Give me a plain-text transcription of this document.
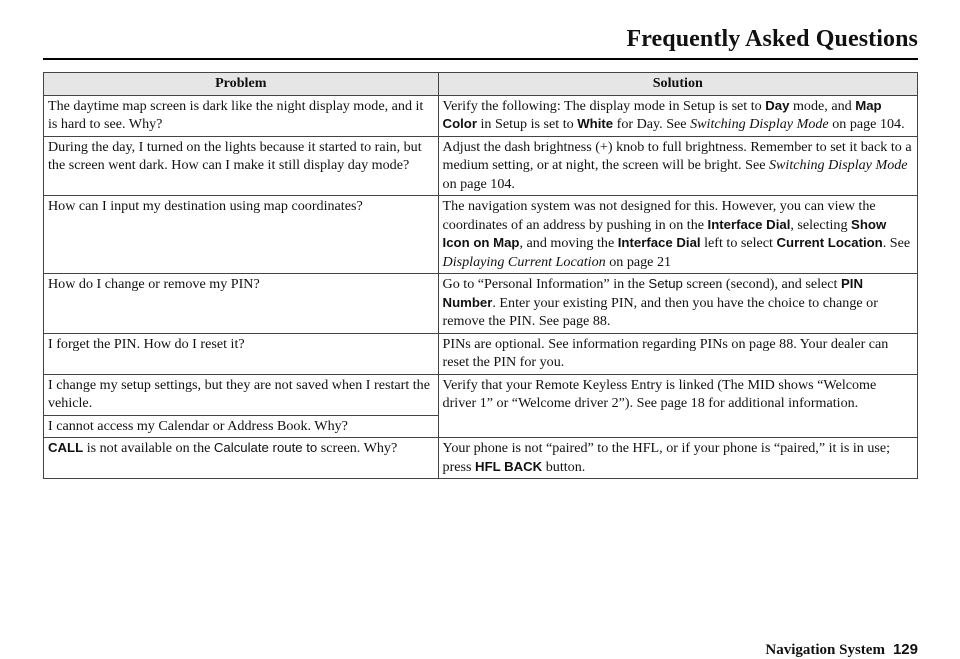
Frequently Asked Questions
Problem	Solution
The daytime map screen is dark like the night display mode, and it is hard to see. Why?	Verify the following: The display mode in Setup is set to Day mode, and Map Color in Setup is set to White for Day. See Switching Display Mode on page 104.
During the day, I turned on the lights because it started to rain, but the screen went dark. How can I make it still display day mode?	Adjust the dash brightness (+) knob to full brightness. Remember to set it back to a medium setting, or at night, the screen will be bright. See Switching Display Mode on page 104.
How can I input my destination using map coordinates?	The navigation system was not designed for this. However, you can view the coordinates of an address by pushing in on the Interface Dial, selecting Show Icon on Map, and moving the Interface Dial left to select Current Location. See Displaying Current Location on page 21
How do I change or remove my PIN?	Go to “Personal Information” in the Setup screen (second), and select PIN Number. Enter your existing PIN, and then you have the choice to change or remove the PIN. See page 88.
I forget the PIN. How do I reset it?	PINs are optional. See information regarding PINs on page 88. Your dealer can reset the PIN for you.
I change my setup settings, but they are not saved when I restart the vehicle.	Verify that your Remote Keyless Entry is linked (The MID shows “Welcome driver 1” or “Welcome driver 2”). See page 18 for additional information.
I cannot access my Calendar or Address Book. Why?	
CALL is not available on the Calculate route to screen. Why?	Your phone is not “paired” to the HFL, or if your phone is “paired,” it is in use; press HFL BACK button.
Navigation System 129
